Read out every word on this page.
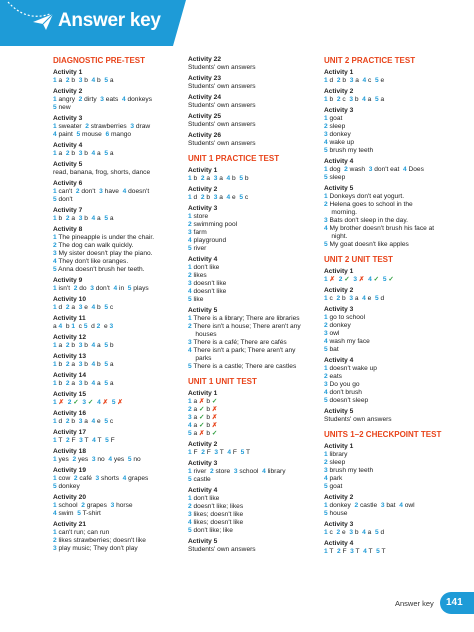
Answer key
DIAGNOSTIC PRE-TEST
Activity 1
1 a  2 b  3 b  4 b  5 a
Activity 2
1 angry  2 dirty  3 eats  4 donkeys
5 new
Activity 3
1 sweater  2 strawberries  3 draw
4 paint  5 mouse  6 mango
Activity 4
1 a  2 b  3 b  4 a  5 a
Activity 5
read, banana, frog, shorts, dance
Activity 6
1 can't  2 don't  3 have  4 doesn't
5 don't
Activity 7
1 b  2 a  3 b  4 a  5 a
Activity 8
1 The pineapple is under the chair.
2 The dog can walk quickly.
3 My sister doesn't play the piano.
4 They don't like oranges.
5 Anna doesn't brush her teeth.
Activity 9
1 isn't  2 do  3 don't  4 in  5 plays
Activity 10
1 d  2 a  3 e  4 b  5 c
Activity 11
a 4  b 1  c 5  d 2  e 3
Activity 12
1 a  2 b  3 b  4 a  5 b
Activity 13
1 b  2 a  3 b  4 b  5 a
Activity 14
1 b  2 a  3 b  4 a  5 a
Activity 15
1 ✗  2 ✓  3 ✓  4 ✗  5 ✗
Activity 16
1 d  2 b  3 a  4 e  5 c
Activity 17
1 T  2 F  3 T  4 T  5 F
Activity 18
1 yes  2 yes  3 no  4 yes  5 no
Activity 19
1 cow  2 café  3 shorts  4 grapes
5 donkey
Activity 20
1 school  2 grapes  3 horse
4 swim  5 T-shirt
Activity 21
1 can't run; can run
2 likes strawberries; doesn't like
3 play music; They don't play
Activity 22
Students' own answers
Activity 23
Students' own answers
Activity 24
Students' own answers
Activity 25
Students' own answers
Activity 26
Students' own answers
UNIT 1 PRACTICE TEST
Activity 1
1 b  2 a  3 a  4 b  5 b
Activity 2
1 d  2 b  3 a  4 e  5 c
Activity 3
1 store
2 swimming pool
3 farm
4 playground
5 river
Activity 4
1 don't like
2 likes
3 doesn't like
4 doesn't like
5 like
Activity 5
1 There is a library; There are libraries
2 There isn't a house; There aren't any
houses
3 There is a café; There are cafés
4 There isn't a park; There aren't any
parks
5 There is a castle; There are castles
UNIT 1 UNIT TEST
Activity 1
1 a ✗ b ✓
2 a ✓ b ✗
3 a ✓ b ✗
4 a ✓ b ✗
5 a ✗ b ✓
Activity 2
1 F  2 F  3 T  4 F  5 T
Activity 3
1 river  2 store  3 school  4 library
5 castle
Activity 4
1 don't like
2 doesn't like; likes
3 likes; doesn't like
4 likes; doesn't like
5 don't like; like
Activity 5
Students' own answers
UNIT 2 PRACTICE TEST
Activity 1
1 d  2 b  3 a  4 c  5 e
Activity 2
1 b  2 c  3 b  4 a  5 a
Activity 3
1 goat
2 sleep
3 donkey
4 wake up
5 brush my teeth
Activity 4
1 dog  2 wash  3 don't eat  4 Does
5 sleep
Activity 5
1 Donkeys don't eat yogurt.
2 Helena goes to school in the
morning.
3 Bats don't sleep in the day.
4 My brother doesn't brush his face at
night.
5 My goat doesn't like apples
UNIT 2 UNIT TEST
Activity 1
1 ✗  2 ✓  3 ✗  4 ✓  5 ✓
Activity 2
1 c  2 b  3 a  4 e  5 d
Activity 3
1 go to school
2 donkey
3 owl
4 wash my face
5 bat
Activity 4
1 doesn't wake up
2 eats
3 Do you go
4 don't brush
5 doesn't sleep
Activity 5
Students' own answers
UNITS 1–2 CHECKPOINT TEST
Activity 1
1 library
2 sleep
3 brush my teeth
4 park
5 goat
Activity 2
1 donkey  2 castle  3 bat  4 owl
5 house
Activity 3
1 c  2 e  3 b  4 a  5 d
Activity 4
1 T  2 F  3 T  4 T  5 T
Answer key	141
